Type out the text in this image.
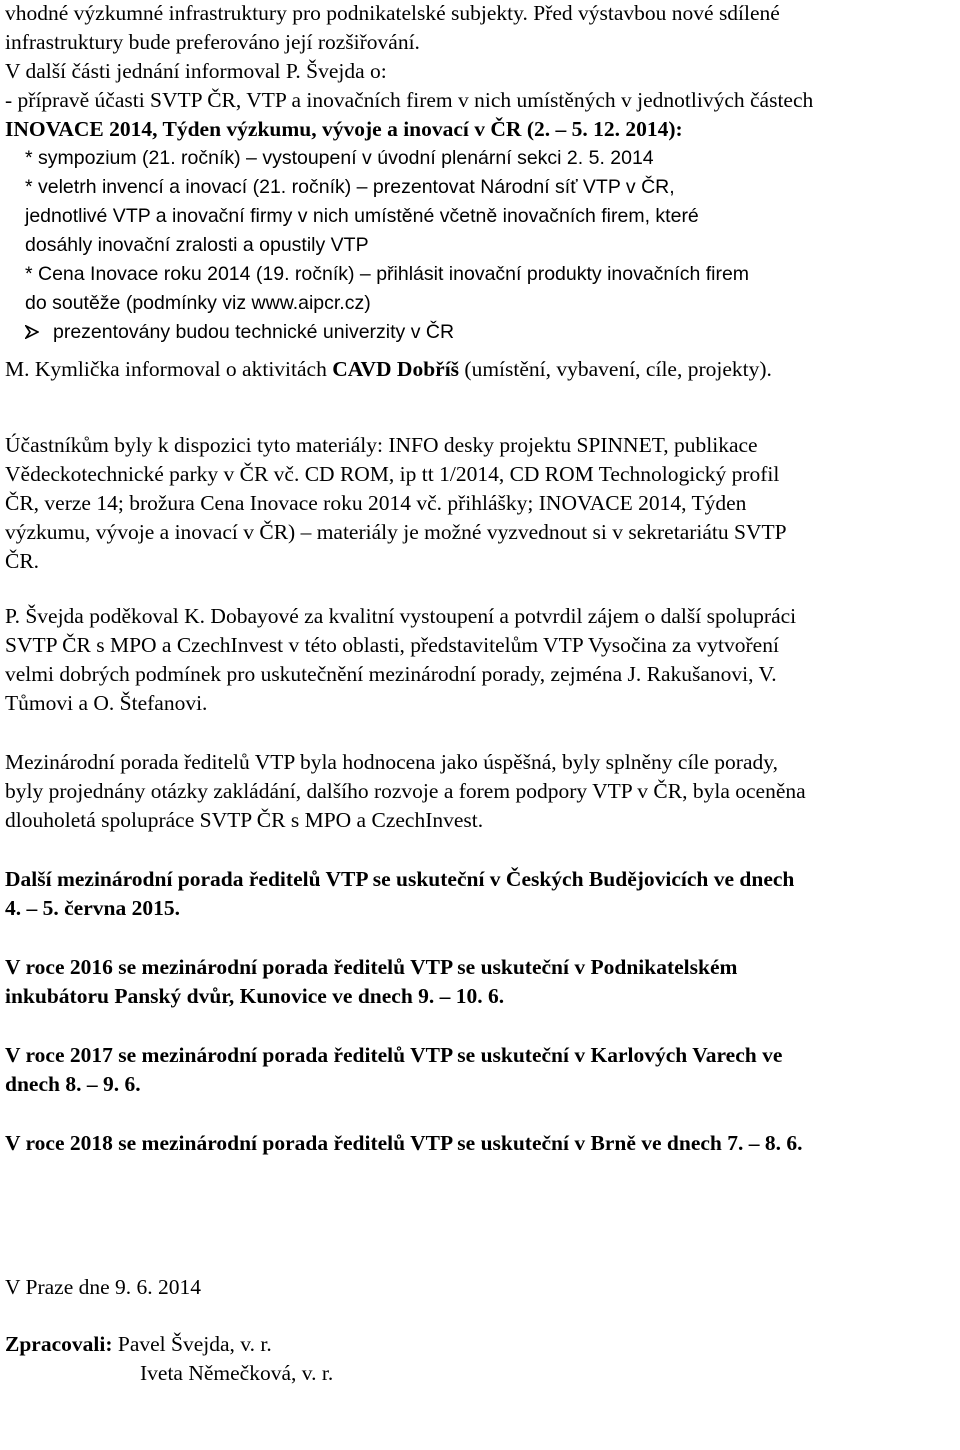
vhodné výzkumné infrastruktury pro podnikatelské subjekty. Před výstavbou nové sdílené
infrastruktury bude preferováno její rozšiřování.
V další části jednání informoval P. Švejda o:
- přípravě účasti SVTP ČR, VTP a inovačních firem v nich umístěných v jednotlivých částech
INOVACE 2014, Týden výzkumu, vývoje a inovací v ČR (2. – 5. 12. 2014):
* sympozium (21. ročník) – vystoupení v úvodní plenární sekci 2. 5. 2014
* veletrh invencí a inovací (21. ročník) – prezentovat Národní síť VTP v ČR,
jednotlivé VTP a inovační firmy v nich umístěné včetně inovačních firem, které
dosáhly inovační zralosti a opustily VTP
* Cena Inovace roku 2014 (19. ročník) – přihlásit inovační produkty inovačních firem
do soutěže (podmínky viz www.aipcr.cz)
prezentovány budou technické univerzity v ČR
M. Kymlička informoval o aktivitách CAVD Dobříš (umístění, vybavení, cíle, projekty).
Účastníkům byly k dispozici tyto materiály: INFO desky projektu SPINNET, publikace
Vědeckotechnické parky v ČR vč. CD ROM, ip tt 1/2014, CD ROM Technologický profil
ČR, verze 14; brožura Cena Inovace roku 2014 vč. přihlášky; INOVACE 2014, Týden
výzkumu, vývoje a inovací v ČR) – materiály je možné vyzvednout si v sekretariátu SVTP
ČR.
P. Švejda poděkoval K. Dobayové za kvalitní vystoupení a potvrdil zájem o další spolupráci
SVTP ČR s MPO a CzechInvest v této oblasti, představitelům VTP Vysočina za vytvoření
velmi dobrých podmínek pro uskutečnění mezinárodní porady, zejména J. Rakušanovi, V.
Tůmovi a O. Štefanovi.
Mezinárodní porada ředitelů VTP byla hodnocena jako úspěšná, byly splněny cíle porady,
byly projednány otázky zakládání, dalšího rozvoje a forem podpory VTP v ČR, byla oceněna
dlouholetá spolupráce SVTP ČR s MPO a CzechInvest.
Další mezinárodní porada ředitelů VTP se uskuteční v Českých Budějovicích ve dnech
4. – 5. června 2015.
V roce 2016 se mezinárodní porada ředitelů VTP se uskuteční v Podnikatelském
inkubátoru Panský dvůr, Kunovice ve dnech 9. – 10. 6.
V roce 2017 se mezinárodní porada ředitelů VTP se uskuteční v Karlových Varech ve
dnech 8. – 9. 6.
V roce 2018 se mezinárodní porada ředitelů VTP se uskuteční v Brně ve dnech 7. – 8. 6.
V Praze dne 9. 6. 2014
Zpracovali: Pavel Švejda, v. r.
Iveta Němečková, v. r.
